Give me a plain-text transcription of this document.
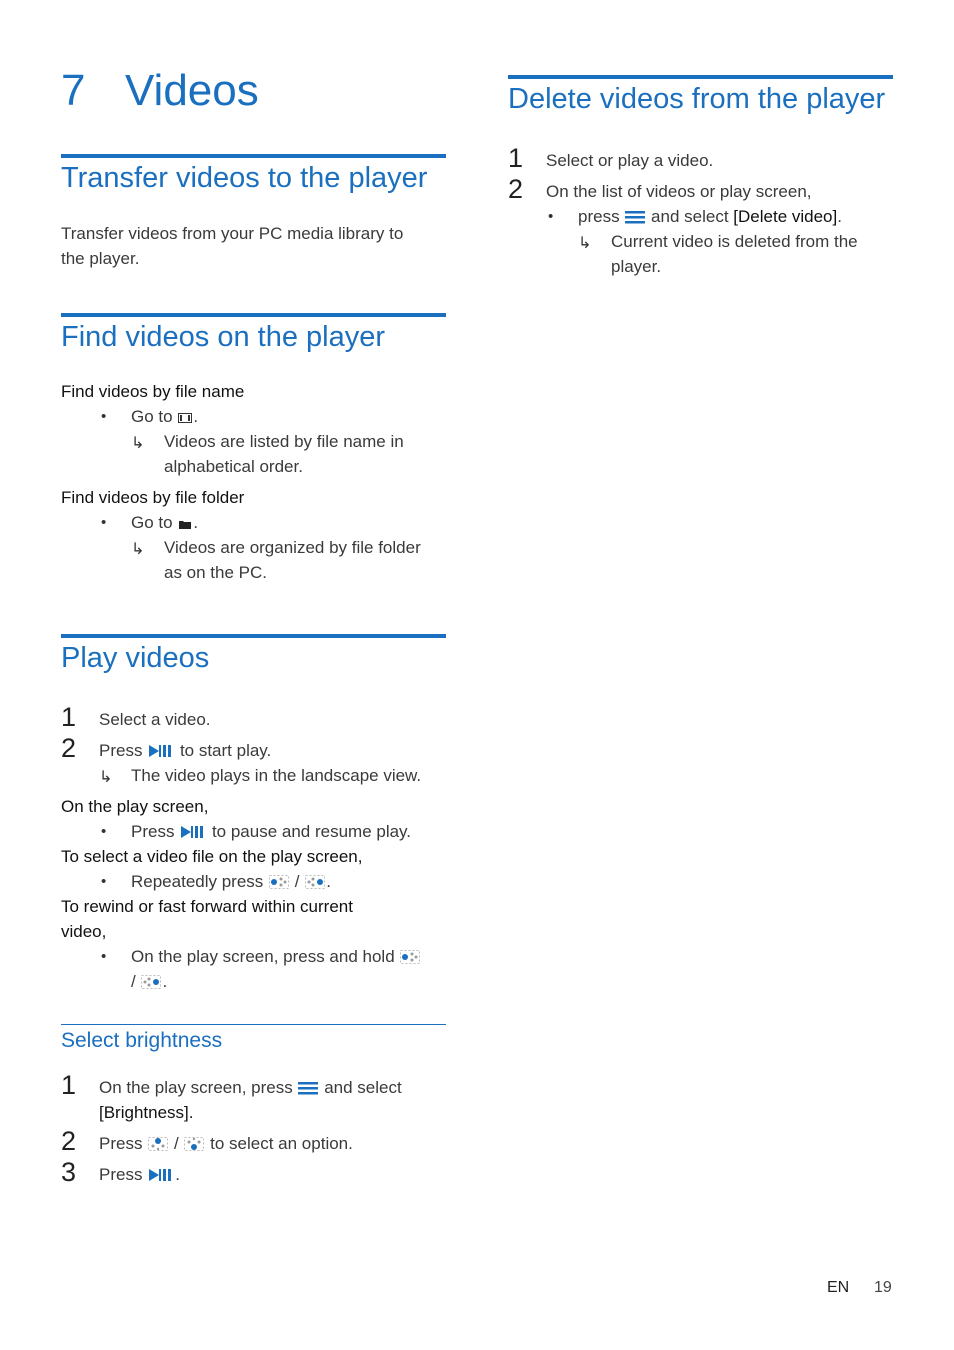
7 Videos
Transfer videos to the player
Transfer videos from your PC media library to
the player.
Find videos on the player
Find videos by file name
• Go to .
↳ Videos are listed by file name in
alphabetical order.
Find videos by file folder
• Go to .
↳ Videos are organized by file folder
as on the PC.
Play videos
1 Select a video.
2 Press to start play.
↳ The video plays in the landscape view.
On the play screen,
• Press to pause and resume play.
To select a video file on the play screen,
• Repeatedly press / .
To rewind or fast forward within current
video,
• On the play screen, press and hold
/ .
Select brightness
1 On the play screen, press and select
[Brightness].
2 Press / to select an option.
3 Press .
Delete videos from the player
1 Select or play a video.
2 On the list of videos or play screen,
• press and select [Delete video].
↳ Current video is deleted from the
player.
EN 19
